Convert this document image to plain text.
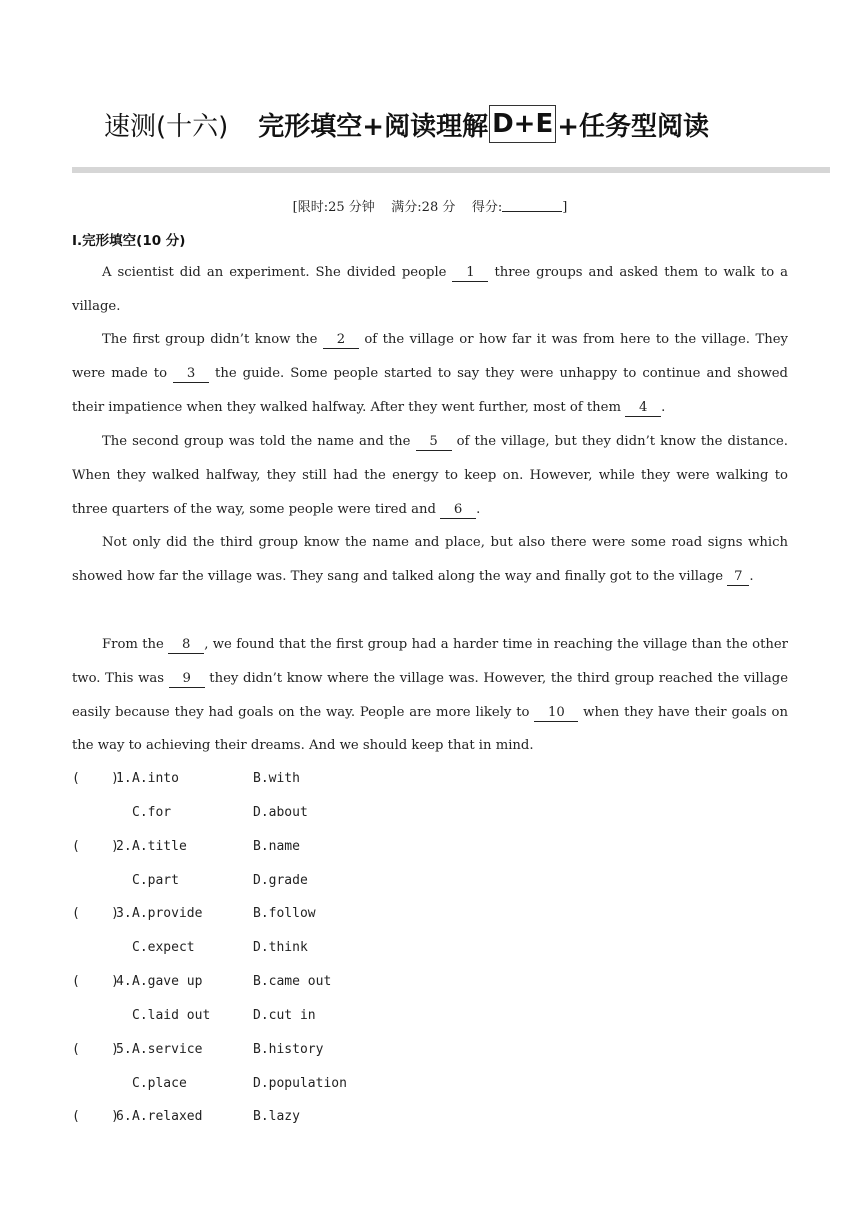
速测(十六) 完形填空+阅读理解 D+E +任务型阅读
[限时:25 分钟 满分:28 分 得分:	]
Ⅰ.完形填空(10 分)

A scientist did an experiment. She divided people 1 three groups and asked them to walk to a village.

The first group didn’t know the 2 of the village or how far it was from here to the village. They were made to 3 the guide. Some people started to say they were unhappy to continue and showed their impatience when they walked halfway. After they went further, most of them 4 .

The second group was told the name and the 5 of the village, but they didn’t know the distance. When they walked halfway, they still had the energy to keep on. However, while they were walking to three quarters of the way, some people were tired and 6 .

Not only did the third group know the name and place, but also there were some road signs which showed how far the village was. They sang and talked along the way and finally got to the village 7 .

From the 8 , we found that the first group had a harder time in reaching the village than the other two. This was 9 they didn’t know where the village was. However, the third group reached the village easily because they had goals on the way. People are more likely to 10 when they have their goals on the way to achieving their dreams. And we should keep that in mind.

(    )
1. A.into	B.with
C.for	D.about
(    )
2. A.title	B.name
C.part	D.grade
(    )
3. A.provide	B.follow
C.expect	D.think
(    )
4. A.gave up	B.came out
C.laid out	D.cut in
(    )
5. A.service	B.history
C.place	D.population
(    )
6. A.relaxed	B.lazy
